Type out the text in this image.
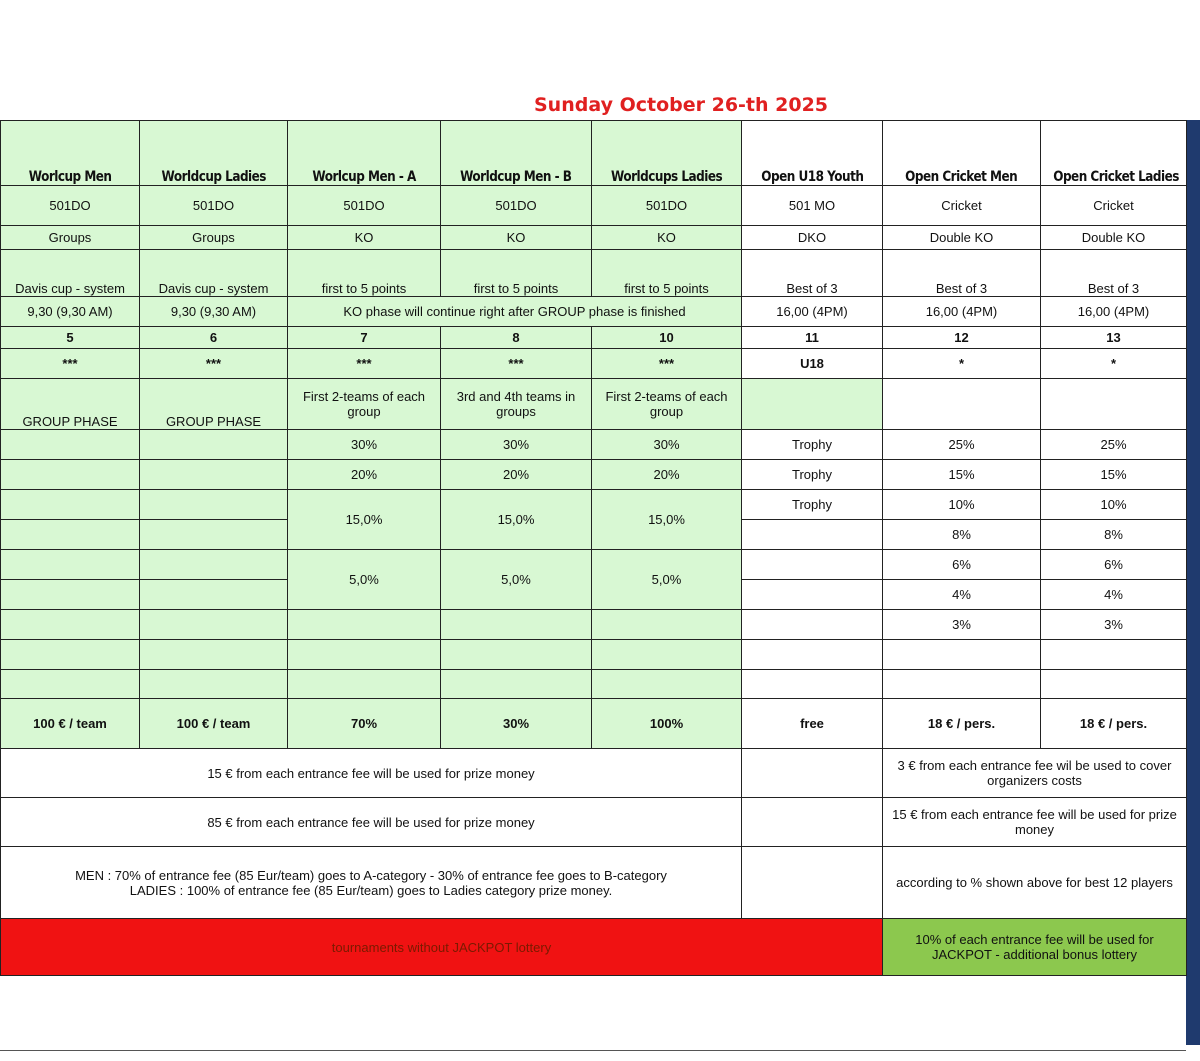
Sunday October 26-th 2025
Worlcup Men	Worldcup Ladies	Worlcup Men - A	Worldcup Men - B	Worldcups Ladies	Open U18 Youth	Open Cricket Men	Open Cricket Ladies
501DO	501DO	501DO	501DO	501DO	501 MO	Cricket	Cricket
Groups	Groups	KO	KO	KO	DKO	Double KO	Double KO
Davis cup - system	Davis cup - system	first to 5 points	first to 5 points	first to 5 points	Best of 3	Best of 3	Best of 3
9,30 (9,30 AM)	9,30 (9,30 AM)	KO phase will continue right after GROUP phase is finished			16,00 (4PM)	16,00 (4PM)	16,00 (4PM)
5	6	7	8	10	11	12	13
***	***	***	***	***	U18	*	*
GROUP PHASE	GROUP PHASE	First 2-teams of each group	3rd and 4th teams in groups	First 2-teams of each group			
		30%	30%	30%	Trophy	25%	25%
		20%	20%	20%	Trophy	15%	15%
		15,0%	15,0%	15,0%	Trophy	10%	10%
						8%	8%
		5,0%	5,0%	5,0%		6%	6%
						4%	4%
						3%	3%

100 € / team	100 € / team	70%	30%	100%	free	18 € / pers.	18 € / pers.
15 € from each entrance fee will be used for prize money						3 € from each entrance fee wil be used to cover organizers costs	
85 € from each entrance fee will be used for prize money						15 € from each entrance fee will be used for prize money	

MEN : 70% of entrance fee (85 Eur/team) goes to A-category - 30% of entrance fee goes to B-category
LADIES : 100% of entrance fee (85 Eur/team) goes to Ladies category prize money.						according to % shown above for best 12 players	
tournaments without JACKPOT lottery						10% of each entrance fee will be used for JACKPOT - additional bonus lottery	
